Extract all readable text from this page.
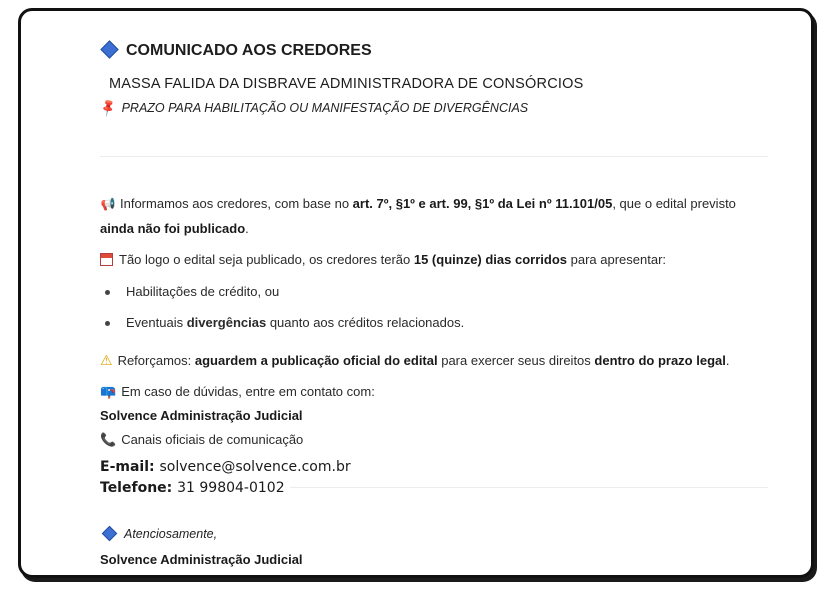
COMUNICADO AOS CREDORES
MASSA FALIDA DA DISBRAVE ADMINISTRADORA DE CONSÓRCIOS
📌 PRAZO PARA HABILITAÇÃO OU MANIFESTAÇÃO DE DIVERGÊNCIAS
📢 Informamos aos credores, com base no art. 7º, §1º e art. 99, §1º da Lei nº 11.101/05, que o edital previsto
ainda não foi publicado.
Tão logo o edital seja publicado, os credores terão 15 (quinze) dias corridos para apresentar:
Habilitações de crédito, ou
Eventuais divergências quanto aos créditos relacionados.
⚠ Reforçamos: aguardem a publicação oficial do edital para exercer seus direitos dentro do prazo legal.
📪 Em caso de dúvidas, entre em contato com:
Solvence Administração Judicial
📞 Canais oficiais de comunicação
E-mail: solvence@solvence.com.br
Telefone: 31 99804-0102
Atenciosamente,
Solvence Administração Judicial
